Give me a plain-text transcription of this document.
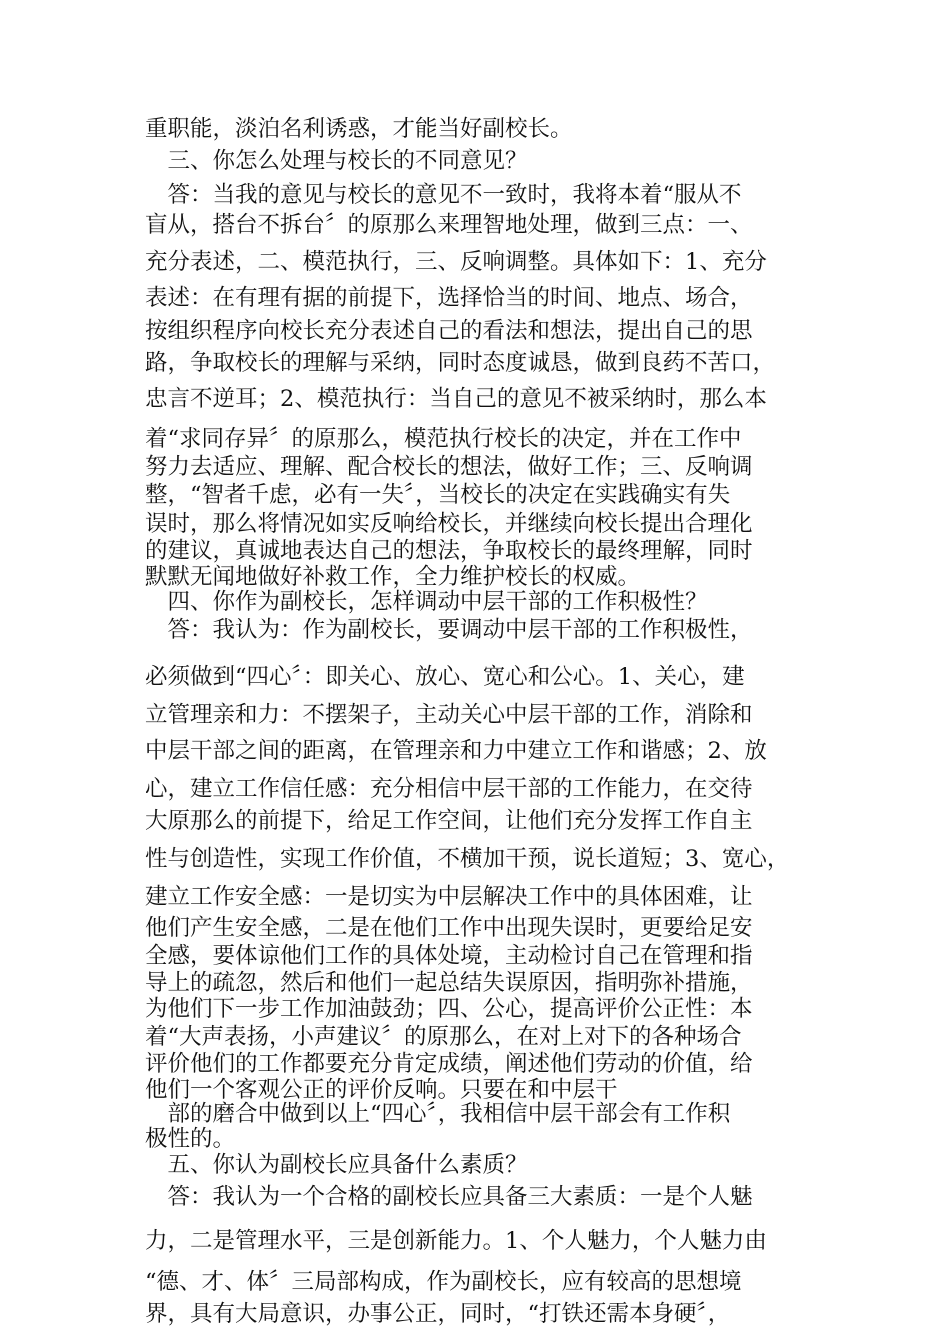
重职能，淡泊名利诱惑，才能当好副校长。
　三、你怎么处理与校长的不同意见？
　答：当我的意见与校长的意见不一致时，我将本着“服从不
盲从，搭台不拆台〞的原那么来理智地处理，做到三点：一、
充分表述，二、模范执行，三、反响调整。具体如下：1、充分
表述：在有理有据的前提下，选择恰当的时间、地点、场合，
按组织程序向校长充分表述自己的看法和想法，提出自己的思
路，争取校长的理解与采纳，同时态度诚恳，做到良药不苦口，
忠言不逆耳；2、模范执行：当自己的意见不被采纳时，那么本
着“求同存异〞的原那么，模范执行校长的决定，并在工作中
努力去适应、理解、配合校长的想法，做好工作；三、反响调
整，“智者千虑，必有一失〞，当校长的决定在实践确实有失
误时，那么将情况如实反响给校长，并继续向校长提出合理化
的建议，真诚地表达自己的想法，争取校长的最终理解，同时
默默无闻地做好补救工作，全力维护校长的权威。
　四、你作为副校长，怎样调动中层干部的工作积极性？
　答：我认为：作为副校长，要调动中层干部的工作积极性，
必须做到“四心〞：即关心、放心、宽心和公心。1、关心，建
立管理亲和力：不摆架子，主动关心中层干部的工作，消除和
中层干部之间的距离，在管理亲和力中建立工作和谐感；2、放
心，建立工作信任感：充分相信中层干部的工作能力，在交待
大原那么的前提下，给足工作空间，让他们充分发挥工作自主
性与创造性，实现工作价值，不横加干预，说长道短；3、宽心，
建立工作安全感：一是切实为中层解决工作中的具体困难，让
他们产生安全感，二是在他们工作中出现失误时，更要给足安
全感，要体谅他们工作的具体处境，主动检讨自己在管理和指
导上的疏忽，然后和他们一起总结失误原因，指明弥补措施，
为他们下一步工作加油鼓劲；四、公心，提高评价公正性：本
着“大声表扬，小声建议〞的原那么，在对上对下的各种场合
评价他们的工作都要充分肯定成绩，阐述他们劳动的价值，给
他们一个客观公正的评价反响。只要在和中层干
　部的磨合中做到以上“四心〞，我相信中层干部会有工作积
极性的。
　五、你认为副校长应具备什么素质？
　答：我认为一个合格的副校长应具备三大素质：一是个人魅
力，二是管理水平，三是创新能力。1、个人魅力，个人魅力由
“德、才、体〞三局部构成，作为副校长，应有较高的思想境
界，具有大局意识，办事公正，同时，“打铁还需本身硬〞，
